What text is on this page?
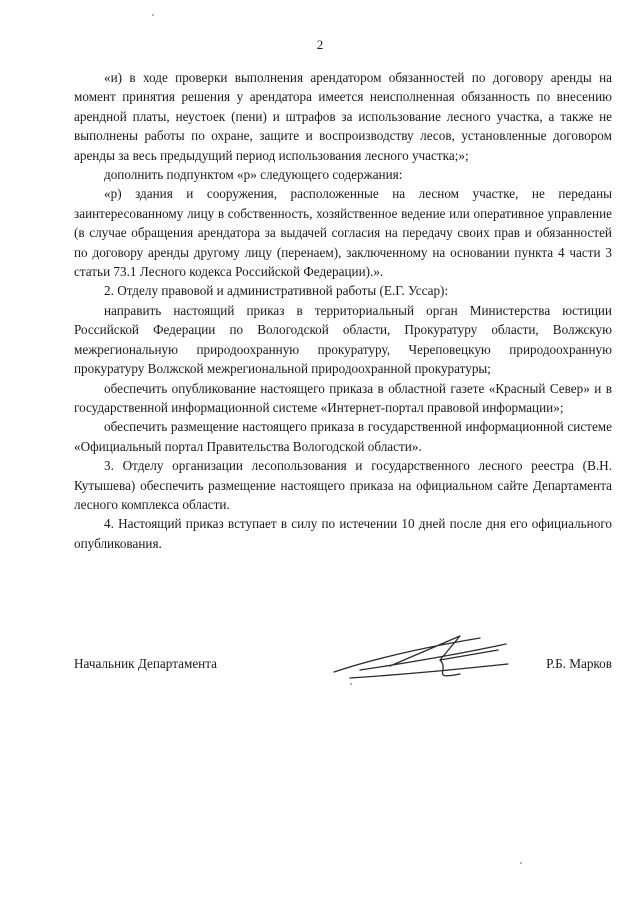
2

«и) в ходе проверки выполнения арендатором обязанностей по договору аренды на момент принятия решения у арендатора имеется неисполненная обязанность по внесению арендной платы, неустоек (пени) и штрафов за использование лесного участка, а также не выполнены работы по охране, защите и воспроизводству лесов, установленные договором аренды за весь предыдущий период использования лесного участка;»;

дополнить подпунктом «р» следующего содержания:

«р) здания и сооружения, расположенные на лесном участке, не переданы заинтересованному лицу в собственность, хозяйственное ведение или оперативное управление (в случае обращения арендатора за выдачей согласия на передачу своих прав и обязанностей по договору аренды другому лицу (перенаем), заключенному на основании пункта 4 части 3 статьи 73.1 Лесного кодекса Российской Федерации).».

2. Отделу правовой и административной работы (Е.Г. Уссар):

направить настоящий приказ в территориальный орган Министерства юстиции Российской Федерации по Вологодской области, Прокуратуру области, Волжскую межрегиональную природоохранную прокуратуру, Череповецкую природоохранную прокуратуру Волжской межрегиональной природоохранной прокуратуры;

обеспечить опубликование настоящего приказа в областной газете «Красный Север» и в государственной информационной системе «Интернет-портал правовой информации»;

обеспечить размещение настоящего приказа в государственной информационной системе «Официальный портал Правительства Вологодской области».

3. Отделу организации лесопользования и государственного лесного реестра (В.Н. Кутышева) обеспечить размещение настоящего приказа на официальном сайте Департамента лесного комплекса области.

4. Настоящий приказ вступает в силу по истечении 10 дней после дня его официального опубликования.

Начальник Департамента	Р.Б. Марков
